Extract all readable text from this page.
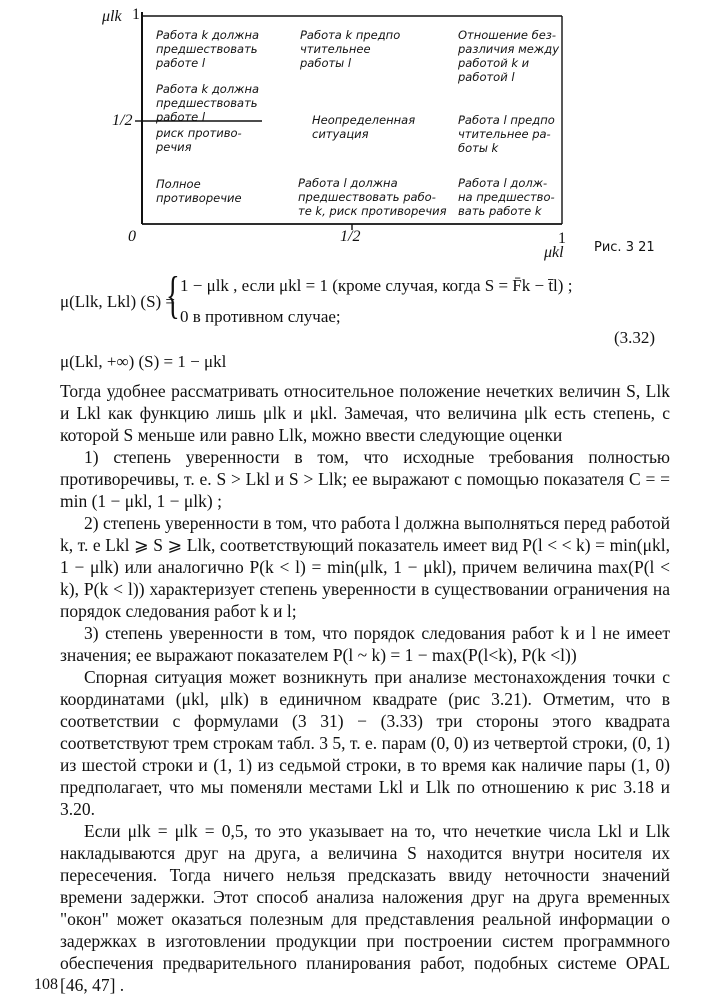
μlk 1
1/2
0	1/2	1
μkl Рис. 3 21
Работа k должна
предшествовать
работе l
Работа k предпо
чтительнее
работы l
Отношение без-
различия между
работой k и
работой l
Работа k должна
предшествовать
работе l
риск противо-
речия
Неопределенная
ситуация
Работа l предпо
чтительнее ра-
боты k
Полное
противоречие
Работа l должна
предшествовать рабо-
те k, риск противоречия
Работа l долж-
на предшество-
вать работе k
μ(Llk, Lkl) (S) =
{ 1 − μlk , если μkl = 1 (кроме случая, когда S = F̄k − t̄l) ;
0 в противном случае;
(3.32)
μ(Lkl, +∞) (S) = 1 − μkl

Тогда удобнее рассматривать относительное положение нечетких величин S, Llk и Lkl как функцию лишь μlk и μkl. Замечая, что величина μlk есть степень, с которой S меньше или равно Llk, можно ввести следующие оценки

1) степень уверенности в том, что исходные требования полностью противоречивы, т. е. S > Lkl и S > Llk; ее выражают с помощью показателя C = = min (1 − μkl, 1 − μlk) ;

2) степень уверенности в том, что работа l должна выполняться перед работой k, т. е Lkl ⩾ S ⩾ Llk, соответствующий показатель имеет вид P(l < < k) = min(μkl, 1 − μlk) или аналогично P(k < l) = min(μlk, 1 − μkl), причем величина max(P(l < k), P(k < l)) характеризует степень уверенности в существовании ограничения на порядок следования работ k и l;

3) степень уверенности в том, что порядок следования работ k и l не имеет значения; ее выражают показателем P(l ~ k) = 1 − max(P(l<k), P(k <l))

Спорная ситуация может возникнуть при анализе местонахождения точки с координатами (μkl, μlk) в единичном квадрате (рис 3.21). Отметим, что в соответствии с формулами (3 31) − (3.33) три стороны этого квадрата соответствуют трем строкам табл. 3 5, т. е. парам (0, 0) из четвертой строки, (0, 1) из шестой строки и (1, 1) из седьмой строки, в то время как наличие пары (1, 0) предполагает, что мы поменяли местами Lkl и Llk по отношению к рис 3.18 и 3.20.

Если μlk = μlk = 0,5, то это указывает на то, что нечеткие числа Lkl и Llk накладываются друг на друга, а величина S находится внутри носителя их пересечения. Тогда ничего нельзя предсказать ввиду неточности значений времени задержки. Этот способ анализа наложения друг на друга временных "окон" может оказаться полезным для представления реальной информации о задержках в изготовлении продукции при построении систем программного обеспечения предварительного планирования работ, подобных системе OPAL [46, 47] .

108
